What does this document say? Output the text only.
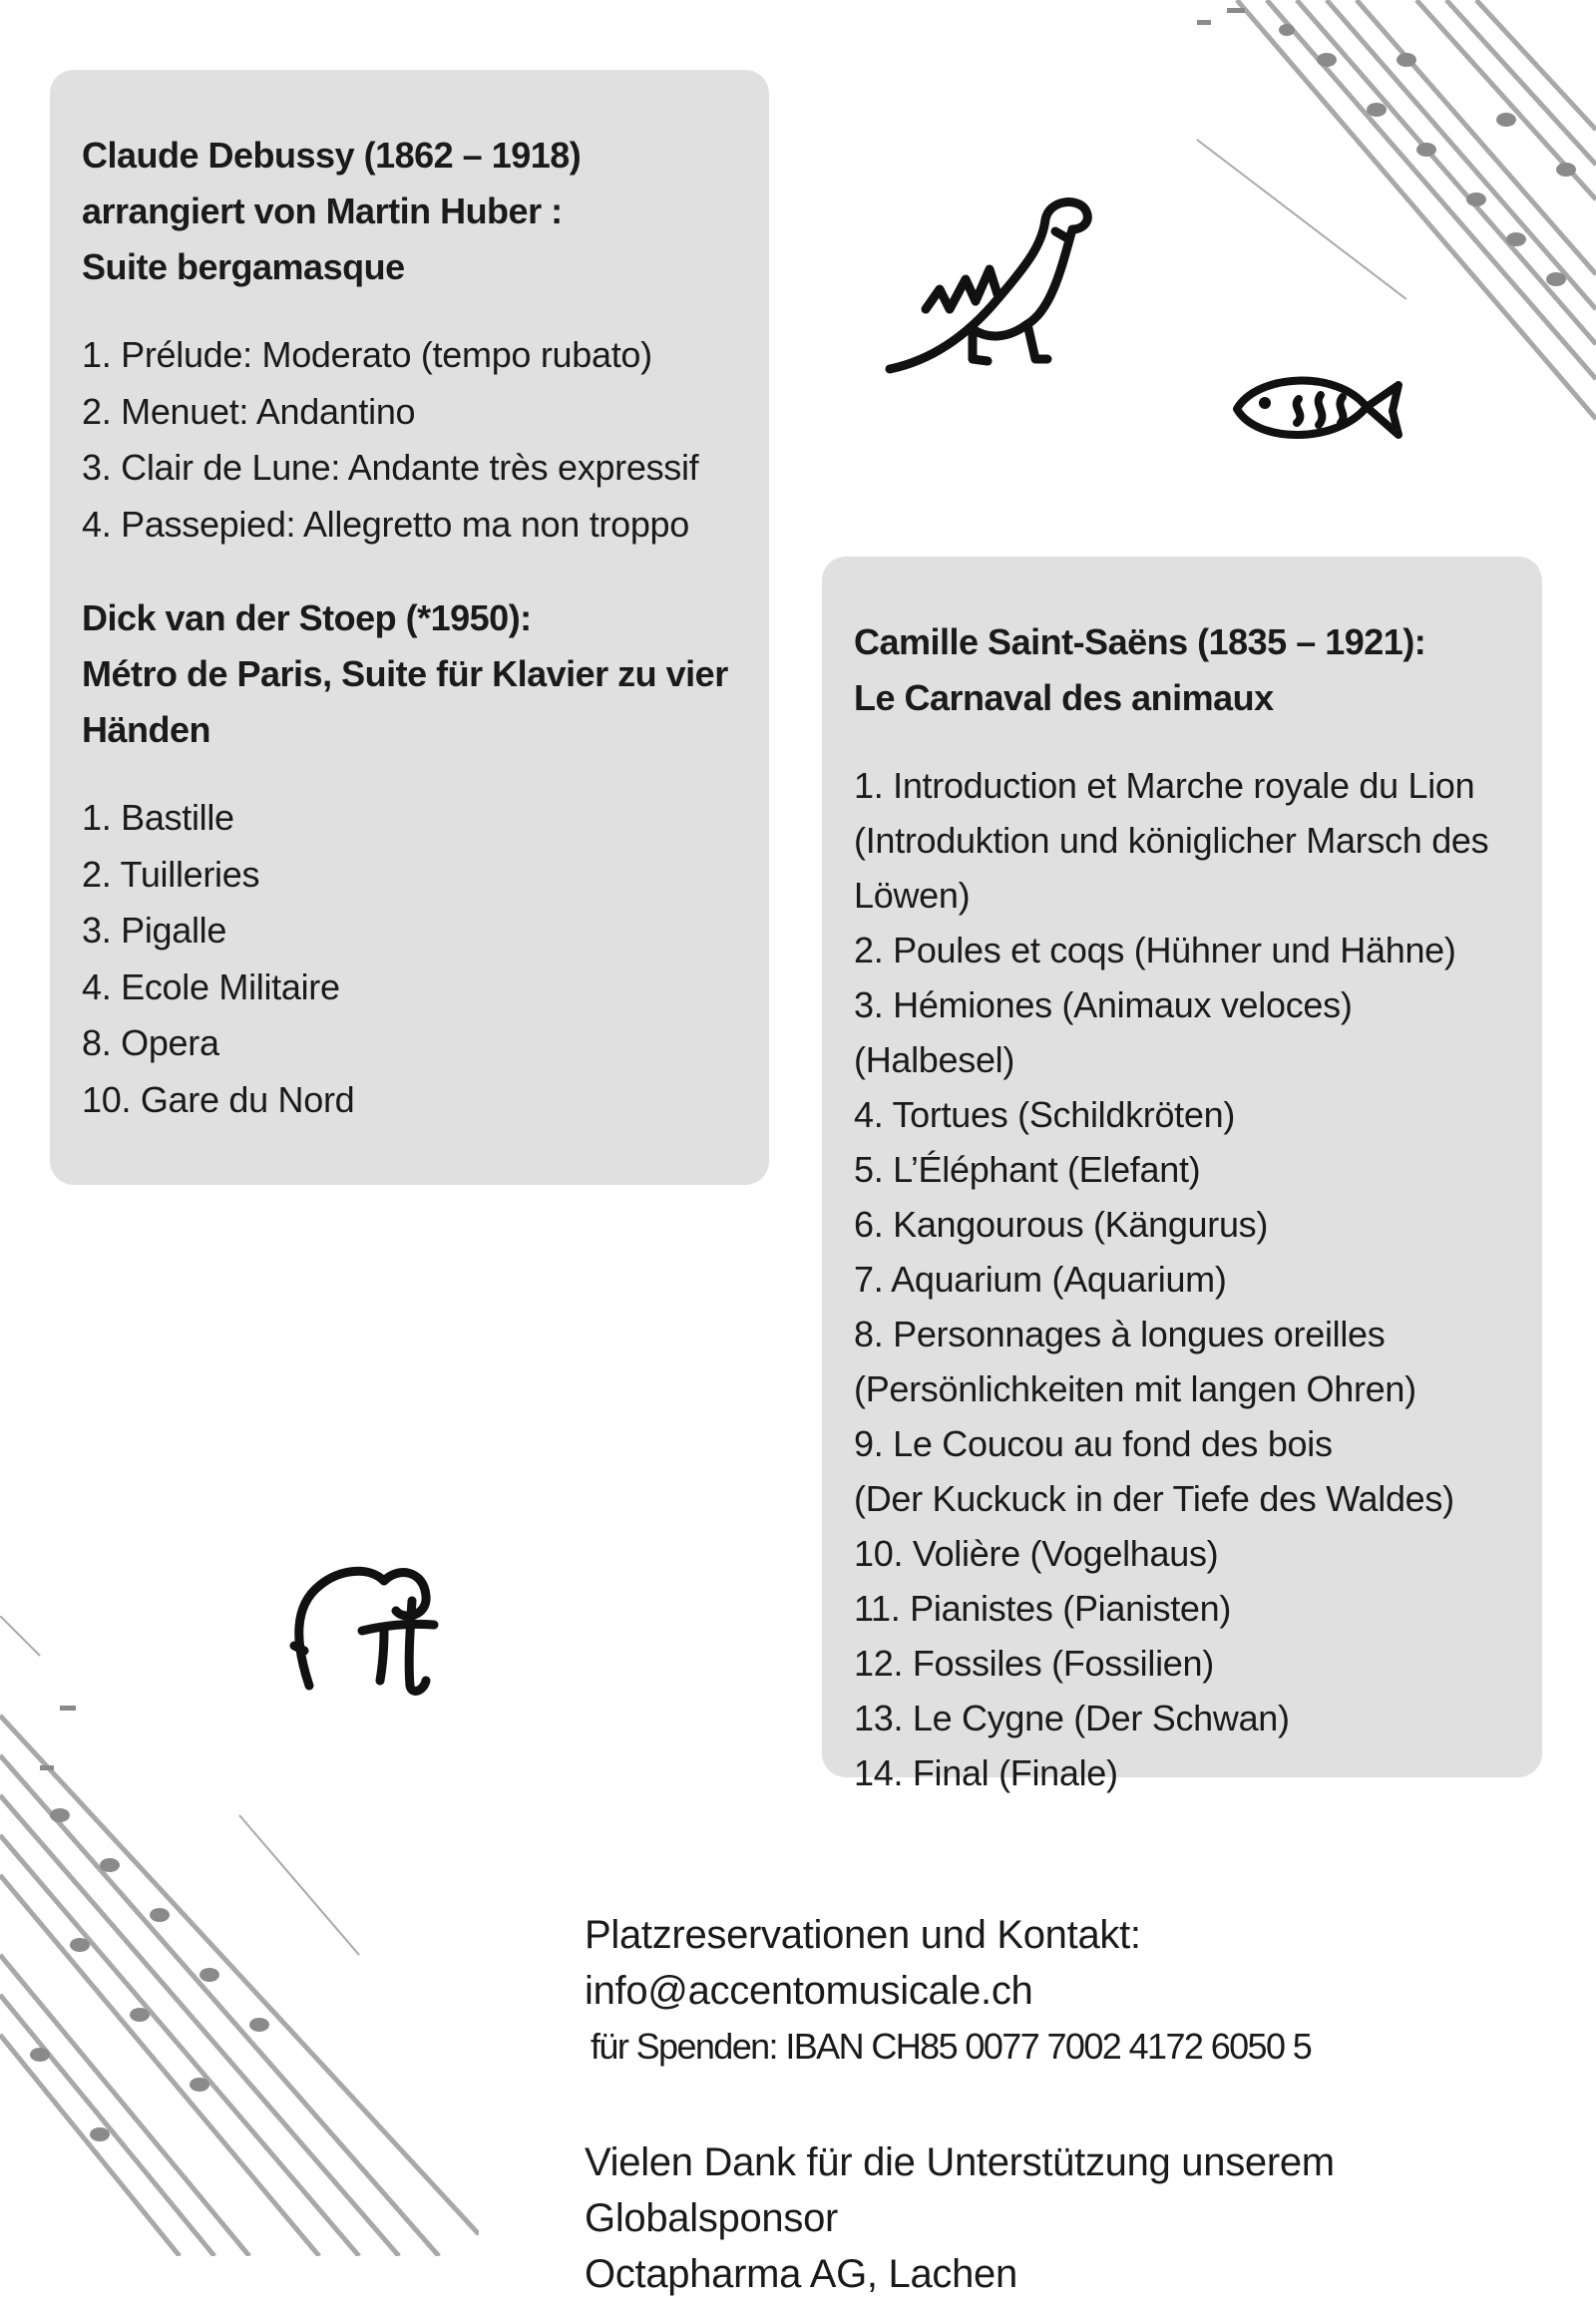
Claude Debussy (1862 – 1918)
arrangiert von Martin Huber :
Suite bergamasque
1. Prélude: Moderato (tempo rubato)
2. Menuet: Andantino
3. Clair de Lune: Andante très expressif
4. Passepied: Allegretto ma non troppo
Dick van der Stoep (*1950):
Métro de Paris, Suite für Klavier zu vier
Händen
1. Bastille
2. Tuilleries
3. Pigalle
4. Ecole Militaire
8. Opera
10. Gare du Nord
Camille Saint-Saëns (1835 – 1921):
Le Carnaval des animaux
1. Introduction et Marche royale du Lion
(Introduktion und königlicher Marsch des
Löwen)
2. Poules et coqs (Hühner und Hähne)
3. Hémiones (Animaux veloces) (Halbesel)
4. Tortues (Schildkröten)
5. L’Éléphant (Elefant)
6. Kangourous (Kängurus)
7. Aquarium (Aquarium)
8. Personnages à longues oreilles
(Persönlichkeiten mit langen Ohren)
9. Le Coucou au fond des bois
(Der Kuckuck in der Tiefe des Waldes)
10. Volière (Vogelhaus)
11. Pianistes (Pianisten)
12. Fossiles (Fossilien)
13. Le Cygne (Der Schwan)
14. Final (Finale)
Platzreservationen und Kontakt: info@accentomusicale.ch
für Spenden: IBAN CH85 0077 7002 4172 6050 5
Vielen Dank für die Unterstützung unserem Globalsponsor
Octapharma AG, Lachen
